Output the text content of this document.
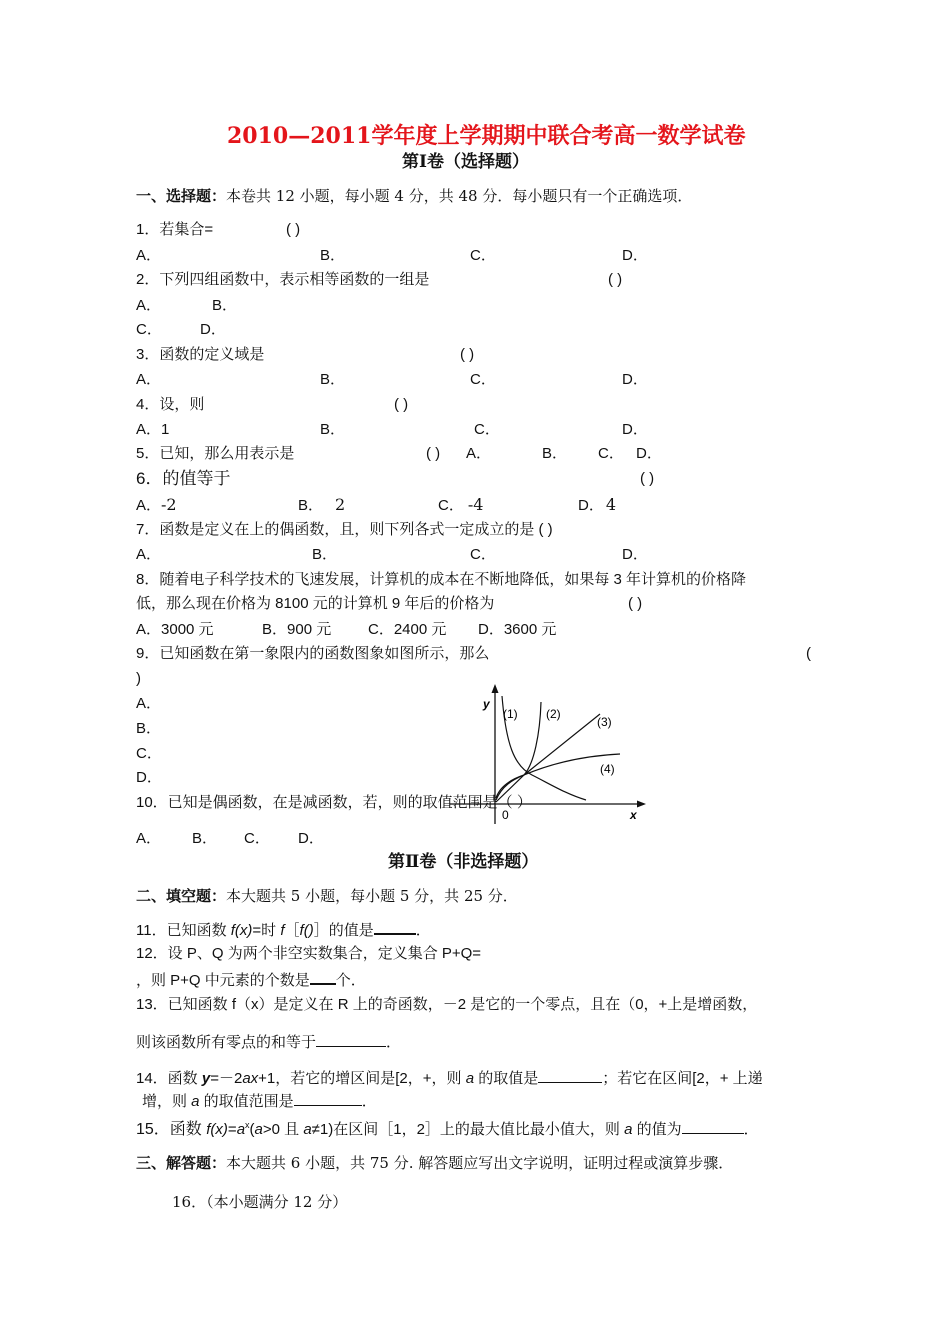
2010—2011学年度上学期期中联合考高一数学试卷
第Ⅰ卷（选择题）
一、选择题：本卷共 12 小题，每小题 4 分，共 48 分．每小题只有一个正确选项．
1．若集合=	( )
A．	B．	C．	D．
2．下列四组函数中，表示相等函数的一组是	( )
A．	B．
C．	D．
3．函数的定义域是	( )
A．	B．	C．	D．
4．设，则	( )
A．1	B．	C．	D．
5．已知，那么用表示是	( ) A．	B． C． D．
6．的值等于	( )
A．-2	B． 2	C． -4	D． 4
7．函数是定义在上的偶函数，且，则下列各式一定成立的是 ( )
A．	B．	C．	D．
8．随着电子科学技术的飞速发展，计算机的成本在不断地降低，如果每 3 年计算机的价格降
低，那么现在价格为 8100 元的计算机 9 年后的价格为	( )
A．3000 元	B．900 元 C．2400 元 D．3600 元
9．已知函数在第一象限内的函数图象如图所示，那么	(
)
A．
B．
C．
D．
y
x
0
(1) (2)
(3)
(4)
10．已知是偶函数，在是减函数，若，则的取值范围是（ ）
A． B． C． D．
第Ⅱ卷（非选择题）
二、填空题：本大题共 5 小题，每小题 5 分，共 25 分．
11．已知函数 f(x)=时 f［f()］的值是	．
12．设 P、Q 为两个非空实数集合，定义集合 P+Q=
，则 P+Q 中元素的个数是 个．
13．已知函数 f（x）是定义在 R 上的奇函数，－2 是它的一个零点，且在（0，+上是增函数，
则该函数所有零点的和等于	．
14．函数 y=－2ax+1，若它的增区间是[2，+，则 a 的取值是	；若它在区间[2，+ 上递
增，则 a 的取值范围是	．
15．函数 $f(x)=a^x(a>0$ 且 a≠1)在区间［1，2］上的最大值比最小值大，则 a 的值为	．
三、解答题：本大题共 6 小题，共 75 分. 解答题应写出文字说明，证明过程或演算步骤．
16．（本小题满分 12 分）
